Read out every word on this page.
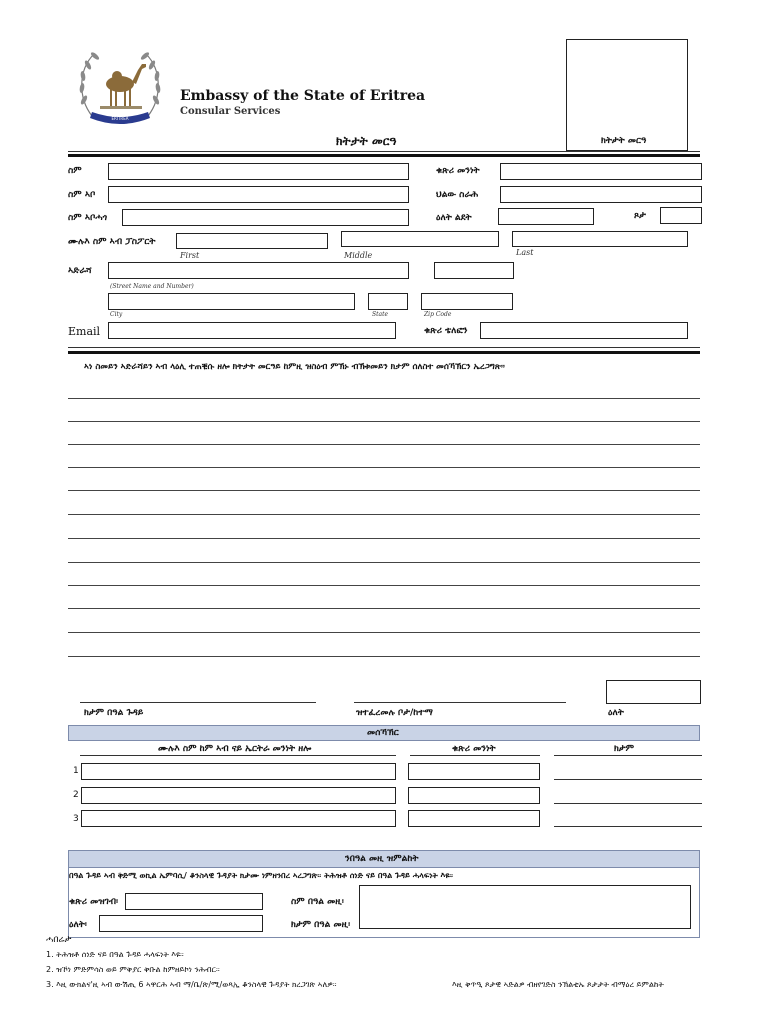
ERITREA
Embassy of the State of Eritrea
Consular Services
ክትታት መርዓ
ክትታት መርዓ
ስም	ቁጽሪ መንነት
ስም ኣቦ	ህልው ስራሕ
ስም ኣቦሓጎ	ዕለት ልደት	ጾታ
ሙሉእ ስም ኣብ ፓስፖርት
First	Middle	Last
ኣድራሻ
(Street Name and Number)
City	State	Zip Code
Email	ቁጽሪ ቴለፎን
ኣነ ስመይን ኣድራሻይን ኣብ ላዕሊ ተጠቒሱ ዘሎ ክትታት መርዓይ ከምዚ ዝስዕብ ምኽኑ ብኽቱመይን ክታም ሰለስተ መሰኻኽርን ኤረጋግጽ።
ክታም በዓል ጉዳይ	ዝተፈረመሉ ቦታ/ከተማ	ዕለት
መሰኻኽር
ሙሉእ ስም ከም ኣብ ናይ ኤርትራ መንነት ዘሎ	ቁጽሪ መንነት	ክታም
1
2
3
ንበዓል መዚ ዝምልከት
በዓል ጉዳይ ኣብ ቅድሚ ወኪል ኤምባሲ/ ቆንስላዊ ጉዳያት ክታሙ ነምዘንበረ ኣረጋግጽ። ትሕዝቶ ሰነድ ናይ በዓል ጉዳይ ሓላፍነት እዩ።
ቁጽሪ መዝገብ፡
ዕለት፡
ስም በዓል መዚ፡
ክታም በዓል መዚ፡
ሓበሬታ
1. ትሕዝቶ ሰነድ ናይ በዓል ጉዳይ ሓላፍነት እዩ።
2. ዝኾነ ምድምሳስ ወይ ምቅያር ቅቡል ከምዘይኮነ ንሕብር።
3. እዚ ውክልና'ዚ ኣብ ውሽጢ 6 ኣዋርሕ ኣብ ማ/ቤ/ጽ/ሚ/ወጻኢ ቆንስላዊ ጉዳያት ክረጋገጽ ኣለዎ።	እዚ ቅጥዒ ጾታዊ ኣድልዎ ብዘየገድስ ንኽልቲኡ ጾታታት ብማዕረ ይምልከት
